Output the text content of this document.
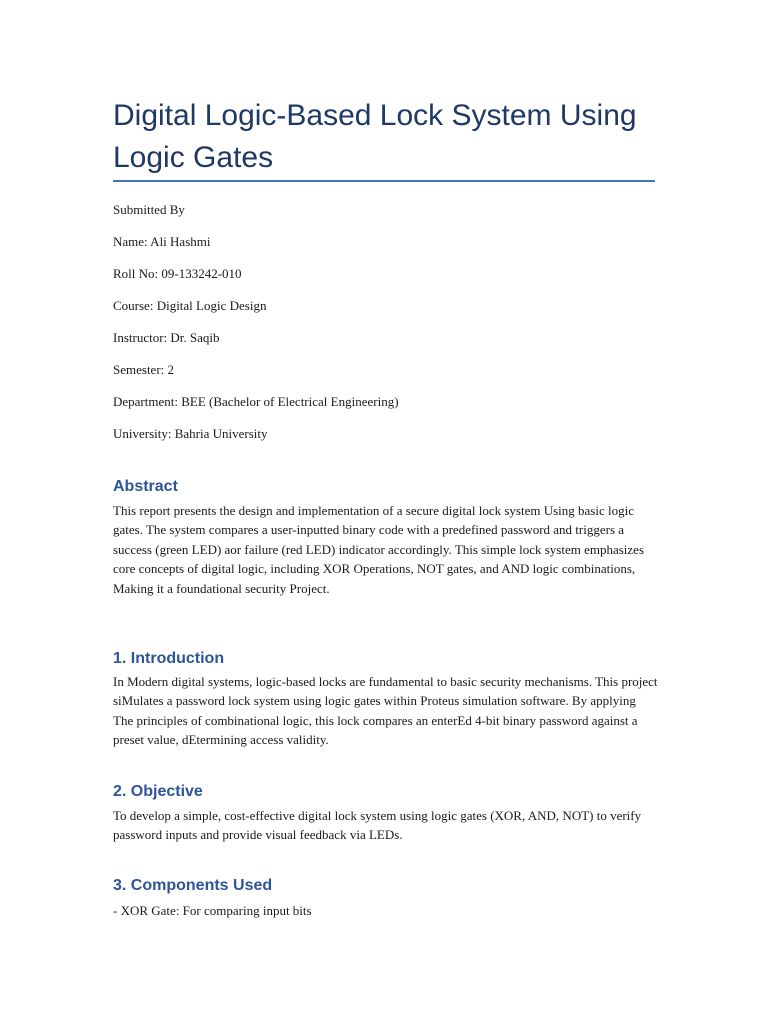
Digital Logic-Based Lock System Using Logic Gates

Submitted By

Name: Ali Hashmi

Roll No: 09-133242-010

Course: Digital Logic Design

Instructor: Dr. Saqib

Semester: 2

Department: BEE (Bachelor of Electrical Engineering)

University: Bahria University

Abstract

This report presents the design and implementation of a secure digital lock system Using basic logic gates. The system compares a user-inputted binary code with a predefined password and triggers a success (green LED) aor failure (red LED) indicator accordingly. This simple lock system emphasizes core concepts of digital logic, including XOR Operations, NOT gates, and AND logic combinations, Making it a foundational security Project.

1. Introduction

In Modern digital systems, logic-based locks are fundamental to basic security mechanisms. This project siMulates a password lock system using logic gates within Proteus simulation software. By applying The principles of combinational logic, this lock compares an enterEd 4-bit binary password against a preset value, dEtermining access validity.

2. Objective

To develop a simple, cost-effective digital lock system using logic gates (XOR, AND, NOT) to verify password inputs and provide visual feedback via LEDs.

3. Components Used

- XOR Gate: For comparing input bits
